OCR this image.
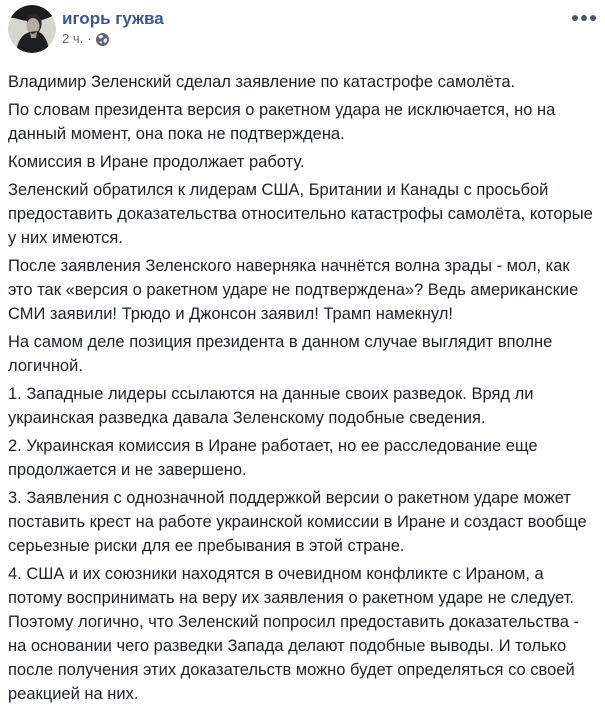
игорь гужва
2 ч. ·

Владимир Зеленский сделал заявление по катастрофе самолёта.

По словам президента версия о ракетном удара не исключается, но на данный момент, она пока не подтверждена.

Комиссия в Иране продолжает работу.

Зеленский обратился к лидерам США, Британии и Канады с просьбой предоставить доказательства относительно катастрофы самолёта, которые у них имеются.

После заявления Зеленского наверняка начнётся волна зрады - мол, как это так «версия о ракетном ударе не подтверждена»? Ведь американские СМИ заявили! Трюдо и Джонсон заявил! Трамп намекнул!

На самом деле позиция президента в данном случае выглядит вполне логичной.

1. Западные лидеры ссылаются на данные своих разведок. Вряд ли украинская разведка давала Зеленскому подобные сведения.

2. Украинская комиссия в Иране работает, но ее расследование еще продолжается и не завершено.

3. Заявления с однозначной поддержкой версии о ракетном ударе может поставить крест на работе украинской комиссии в Иране и создаст вообще серьезные риски для ее пребывания в этой стране.

4. США и их союзники находятся в очевидном конфликте с Ираном, а потому воспринимать на веру их заявления о ракетном ударе не следует. Поэтому логично, что Зеленский попросил предоставить доказательства - на основании чего разведки Запада делают подобные выводы. И только после получения этих доказательств можно будет определяться со своей реакцией на них.
